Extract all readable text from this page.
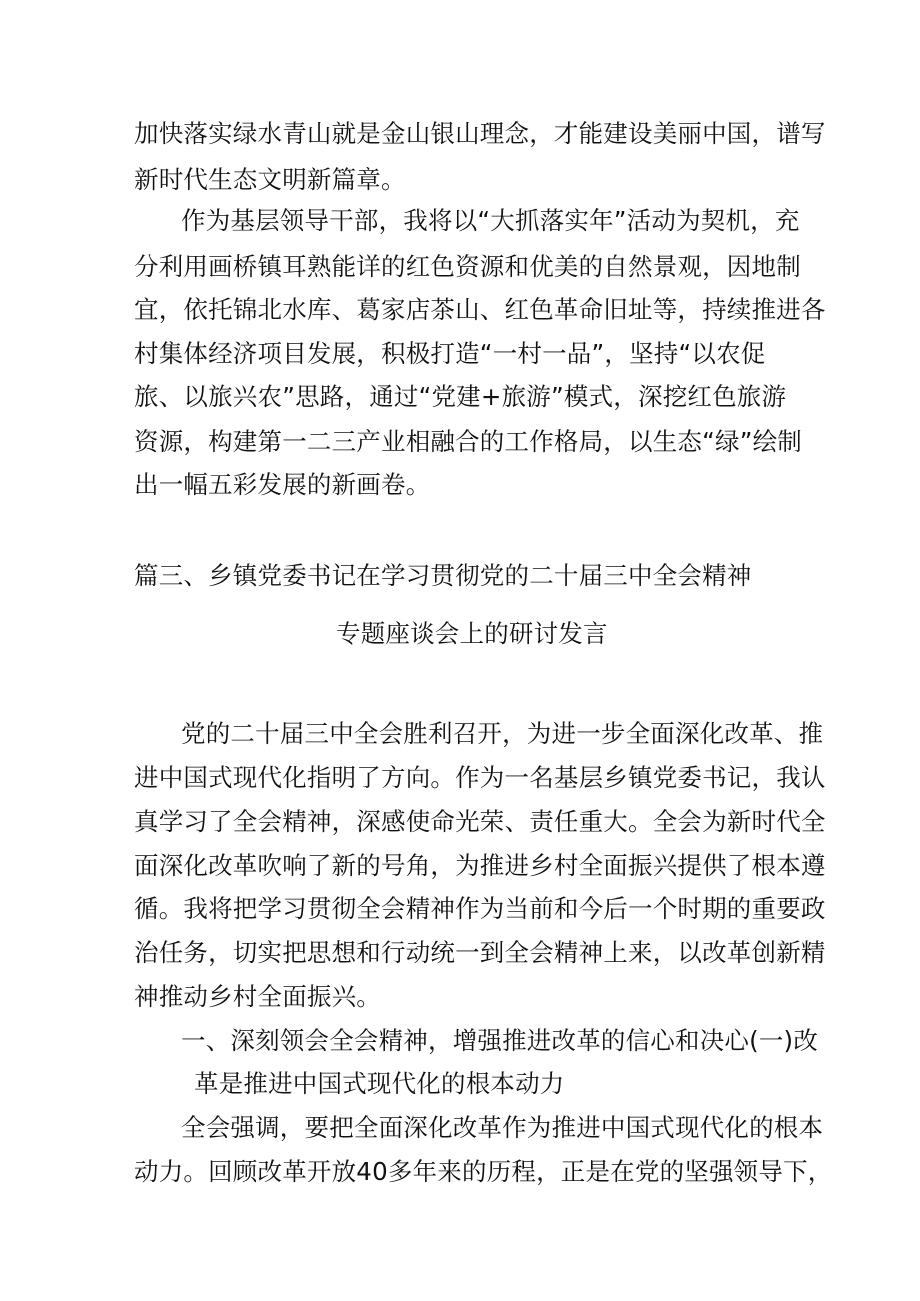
加快落实绿水青山就是金山银山理念，才能建设美丽中国，谱写
新时代生态文明新篇章。
作为基层领导干部，我将以“大抓落实年”活动为契机，充
分利用画桥镇耳熟能详的红色资源和优美的自然景观，因地制
宜，依托锦北水库、葛家店茶山、红色革命旧址等，持续推进各
村集体经济项目发展，积极打造“一村一品”，坚持“以农促
旅、以旅兴农”思路，通过“党建+旅游”模式，深挖红色旅游
资源，构建第一二三产业相融合的工作格局，以生态“绿”绘制
出一幅五彩发展的新画卷。
篇三、乡镇党委书记在学习贯彻党的二十届三中全会精神
专题座谈会上的研讨发言
党的二十届三中全会胜利召开，为进一步全面深化改革、推
进中国式现代化指明了方向。作为一名基层乡镇党委书记，我认
真学习了全会精神，深感使命光荣、责任重大。全会为新时代全
面深化改革吹响了新的号角，为推进乡村全面振兴提供了根本遵
循。我将把学习贯彻全会精神作为当前和今后一个时期的重要政
治任务，切实把思想和行动统一到全会精神上来，以改革创新精
神推动乡村全面振兴。
一、深刻领会全会精神，增强推进改革的信心和决心(一)改
革是推进中国式现代化的根本动力
全会强调，要把全面深化改革作为推进中国式现代化的根本
动力。回顾改革开放40多年来的历程，正是在党的坚强领导下，
